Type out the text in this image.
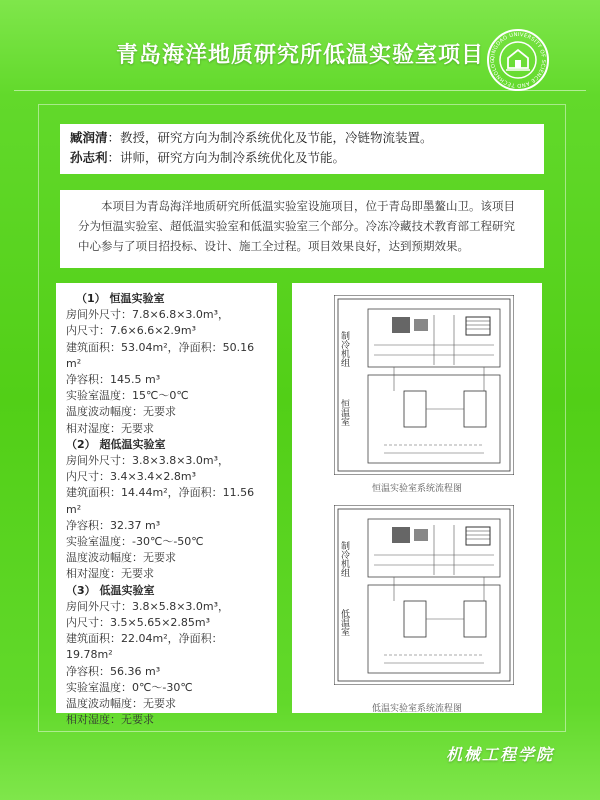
青岛海洋地质研究所低温实验室项目	QINGDAO UNIVERSITY OF SCIENCE AND TECHNOLOG
臧润清：教授，研究方向为制冷系统优化及节能，冷链物流装置。
孙志利：讲师，研究方向为制冷系统优化及节能。
本项目为青岛海洋地质研究所低温实验室设施项目，位于青岛即墨鳌山卫。该项目分为恒温实验室、超低温实验室和低温实验室三个部分。冷冻冷藏技术教育部工程研究中心参与了项目招投标、设计、施工全过程。项目效果良好，达到预期效果。
（1） 恒温实验室
房间外尺寸：7.8×6.8×3.0m³，
内尺寸：7.6×6.6×2.9m³
建筑面积：53.04m²，净面积：50.16 m²
净容积：145.5 m³
实验室温度：15℃～0℃
温度波动幅度：无要求
相对湿度：无要求
（2） 超低温实验室
房间外尺寸：3.8×3.8×3.0m³，
内尺寸：3.4×3.4×2.8m³
建筑面积：14.44m²，净面积：11.56 m²
净容积：32.37 m³
实验室温度：-30℃～-50℃
温度波动幅度：无要求
相对湿度：无要求
（3） 低温实验室
房间外尺寸：3.8×5.8×3.0m³，
内尺寸：3.5×5.65×2.85m³
建筑面积：22.04m²，净面积：19.78m²
净容积：56.36 m³
实验室温度：0℃～-30℃
温度波动幅度：无要求
相对湿度：无要求
制冷机组
恒温室
恒温实验室系统流程图
制冷机组
低温室
低温实验室系统流程图
机械工程学院
